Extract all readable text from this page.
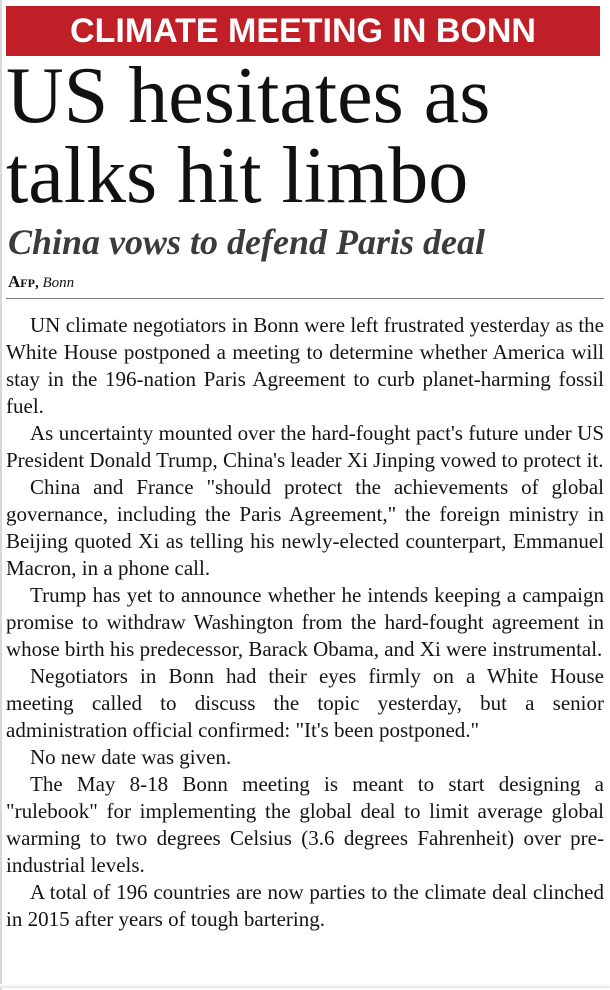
CLIMATE MEETING IN BONN
US hesitates as
talks hit limbo
China vows to defend Paris deal
Afp, Bonn

UN climate negotiators in Bonn were left frustrated yesterday as the White House postponed a meeting to determine whether America will stay in the 196-nation Paris Agreement to curb planet-harming fossil fuel.

As uncertainty mounted over the hard-fought pact's future under US President Donald Trump, China's leader Xi Jinping vowed to protect it.

China and France "should protect the achievements of global governance, including the Paris Agreement," the foreign ministry in Beijing quoted Xi as telling his newly-elected counterpart, Emmanuel Macron, in a phone call.

Trump has yet to announce whether he intends keeping a campaign promise to withdraw Washington from the hard-fought agreement in whose birth his predecessor, Barack Obama, and Xi were instrumental.

Negotiators in Bonn had their eyes firmly on a White House meeting called to discuss the topic yesterday, but a senior administration official confirmed: "It's been postponed."

No new date was given.

The May 8-18 Bonn meeting is meant to start designing a "rulebook" for implementing the global deal to limit average global warming to two degrees Celsius (3.6 degrees Fahrenheit) over pre-industrial levels.

A total of 196 countries are now parties to the climate deal clinched in 2015 after years of tough bartering.
